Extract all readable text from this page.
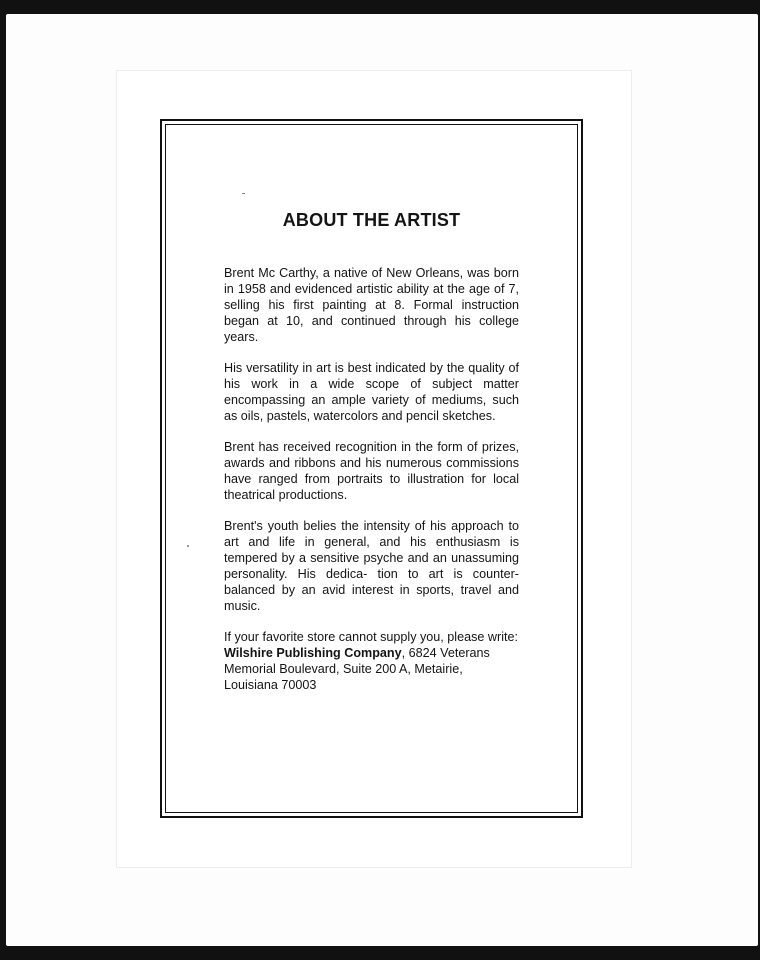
ABOUT THE ARTIST

Brent Mc Carthy, a native of New Orleans, was born in 1958 and evidenced artistic ability at the age of 7, selling his first painting at 8. Formal instruction began at 10, and continued through his college years.

His versatility in art is best indicated by the quality of his work in a wide scope of subject matter encompassing an ample variety of mediums, such as oils, pastels, watercolors and pencil sketches.

Brent has received recognition in the form of prizes, awards and ribbons and his numerous commissions have ranged from portraits to illustration for local theatrical productions.

Brent's youth belies the intensity of his approach to art and life in general, and his enthusiasm is tempered by a sensitive psyche and an unassuming personality. His dedica- tion to art is counter-balanced by an avid interest in sports, travel and music.

If your favorite store cannot supply you, please write: Wilshire Publishing Company, 6824 Veterans Memorial Boulevard, Suite 200 A, Metairie, Louisiana 70003
